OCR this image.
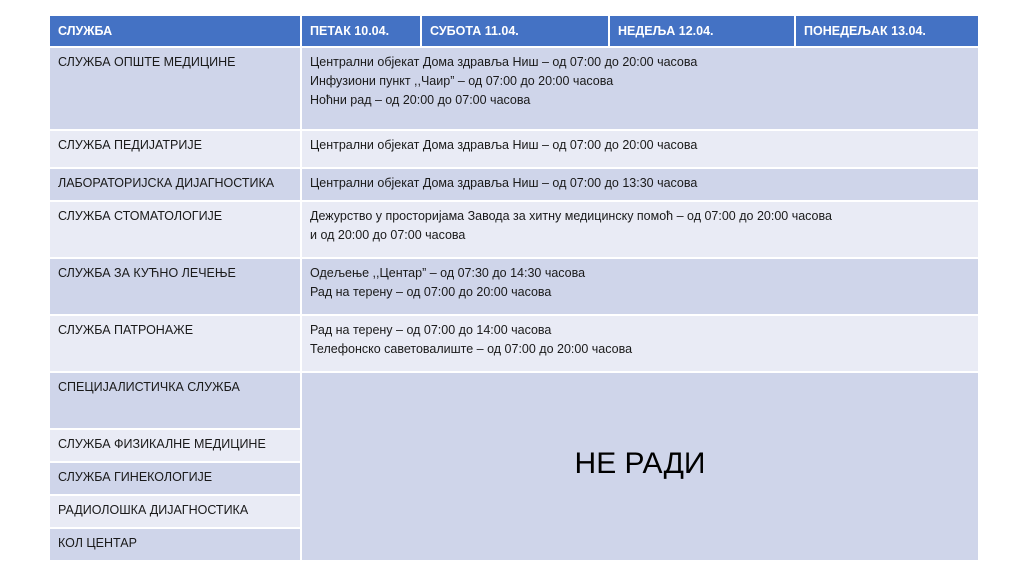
СЛУЖБА	ПЕТАК 10.04.	СУБОТА 11.04.	НЕДЕЉА 12.04.	ПОНЕДЕЉАК 13.04.
СЛУЖБА ОПШТЕ МЕДИЦИНЕ	Централни објекат Дома здравља Ниш – од 07:00 до 20:00 часова
Инфузиони пункт ,,Чаир” – од 07:00 до 20:00 часова
Ноћни рад – од 20:00 до 07:00 часова			

СЛУЖБА ПЕДИЈАТРИЈЕ	Централни објекат Дома здравља Ниш – од 07:00 до 20:00 часова			

ЛАБОРАТОРИЈСКА ДИЈАГНОСТИКА	Централни објекат Дома здравља Ниш – од 07:00 до 13:30 часова			

СЛУЖБА СТОМАТОЛОГИЈЕ	Дежурство у просторијама Завода за хитну медицинску помоћ – од 07:00 до 20:00 часова
и од 20:00 до 07:00 часова			

СЛУЖБА ЗА КУЋНО ЛЕЧЕЊЕ	Одељење ,,Центар” – од 07:30 до 14:30 часова
Рад на терену – од 07:00 до 20:00 часова			

СЛУЖБА ПАТРОНАЖЕ	Рад на терену – од 07:00 до 14:00 часова
Телефонско саветовалиште – од 07:00 до 20:00 часова			

СПЕЦИЈАЛИСТИЧКА СЛУЖБА	НЕ РАДИ			
СЛУЖБА ФИЗИКАЛНЕ МЕДИЦИНЕ				
СЛУЖБА ГИНЕКОЛОГИЈЕ				
РАДИОЛОШКА ДИЈАГНОСТИКА				
КОЛ ЦЕНТАР				
